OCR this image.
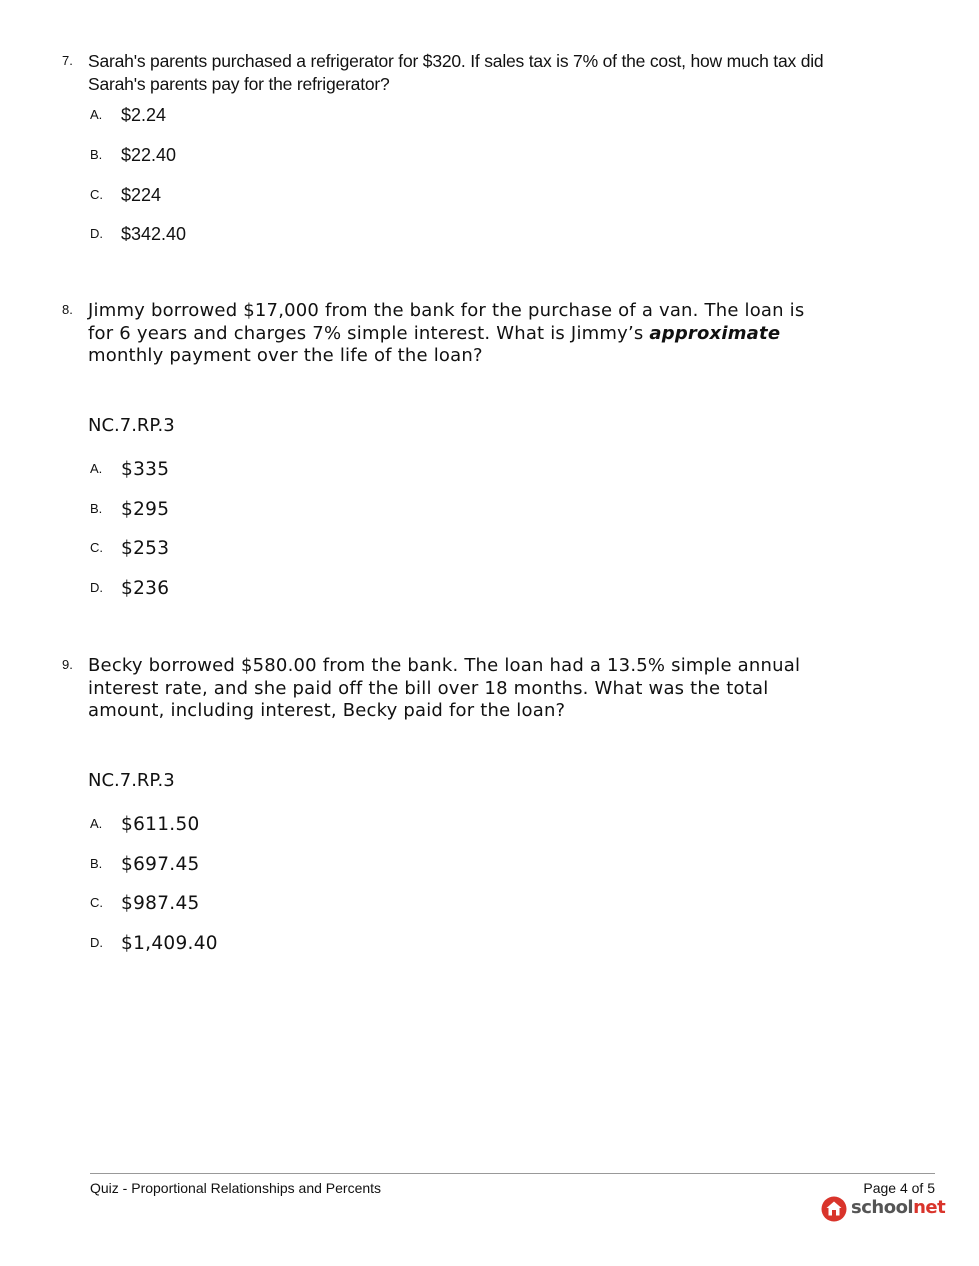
7. Sarah's parents purchased a refrigerator for $320. If sales tax is 7% of the cost, how much tax did Sarah's parents pay for the refrigerator?
A. $2.24
B. $22.40
C. $224
D. $342.40
8. Jimmy borrowed $17,000 from the bank for the purchase of a van. The loan is for 6 years and charges 7% simple interest. What is Jimmy’s approximate monthly payment over the life of the loan?
NC.7.RP.3
A. $335
B. $295
C. $253
D. $236
9. Becky borrowed $580.00 from the bank. The loan had a 13.5% simple annual interest rate, and she paid off the bill over 18 months. What was the total amount, including interest, Becky paid for the loan?
NC.7.RP.3
A. $611.50
B. $697.45
C. $987.45
D. $1,409.40
Quiz - Proportional Relationships and Percents	Page 4 of 5
schoolnet
